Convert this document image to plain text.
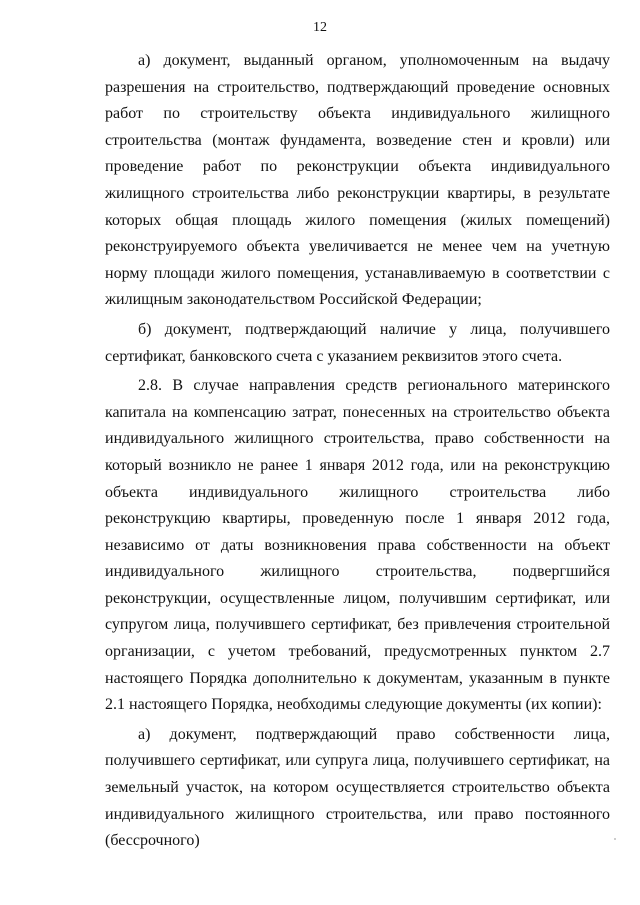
12

а) документ, выданный органом, уполномоченным на выдачу разрешения на строительство, подтверждающий проведение основных работ по строительству объекта индивидуального жилищного строительства (монтаж фундамента, возведение стен и кровли) или проведение работ по реконструкции объекта индивидуального жилищного строительства либо реконструкции квартиры, в результате которых общая площадь жилого помещения (жилых помещений) реконструируемого объекта увеличивается не менее чем на учетную норму площади жилого помещения, устанавливаемую в соответствии с жилищным законодательством Российской Федерации;

б) документ, подтверждающий наличие у лица, получившего сертификат, банковского счета с указанием реквизитов этого счета.

2.8. В случае направления средств регионального материнского капитала на компенсацию затрат, понесенных на строительство объекта индивидуального жилищного строительства, право собственности на который возникло не ранее 1 января 2012 года, или на реконструкцию объекта индивидуального жилищного строительства либо реконструкцию квартиры, проведенную после 1 января 2012 года, независимо от даты возникновения права собственности на объект индивидуального жилищного строительства, подвергшийся реконструкции, осуществленные лицом, получившим сертификат, или супругом лица, получившего сертификат, без привлечения строительной организации, с учетом требований, предусмотренных пунктом 2.7 настоящего Порядка дополнительно к документам, указанным в пункте 2.1 настоящего Порядка, необходимы следующие документы (их копии):

а) документ, подтверждающий право собственности лица, получившего сертификат, или супруга лица, получившего сертификат, на земельный участок, на котором осуществляется строительство объекта индивидуального жилищного строительства, или право постоянного (бессрочного)
